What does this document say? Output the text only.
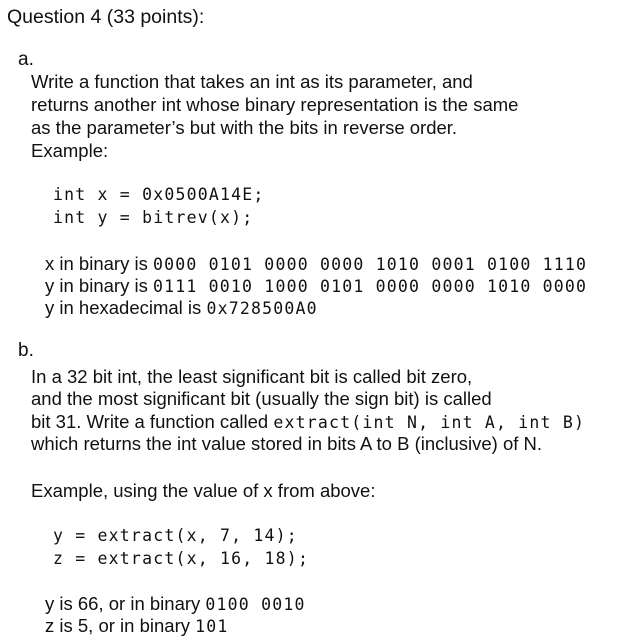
Question 4 (33 points):
a.
Write a function that takes an int as its parameter, and
returns another int whose binary representation is the same
as the parameter’s but with the bits in reverse order.
Example:
int x = 0x0500A14E;
int y = bitrev(x);
x in binary is 0000 0101 0000 0000 1010 0001 0100 1110
y in binary is 0111 0010 1000 0101 0000 0000 1010 0000
y in hexadecimal is 0x728500A0
b.
In a 32 bit int, the least significant bit is called bit zero,
and the most significant bit (usually the sign bit) is called
bit 31. Write a function called extract(int N, int A, int B)
which returns the int value stored in bits A to B (inclusive) of N.
Example, using the value of x from above:
y = extract(x, 7, 14);
z = extract(x, 16, 18);
y is 66, or in binary 0100 0010
z is 5, or in binary 101
